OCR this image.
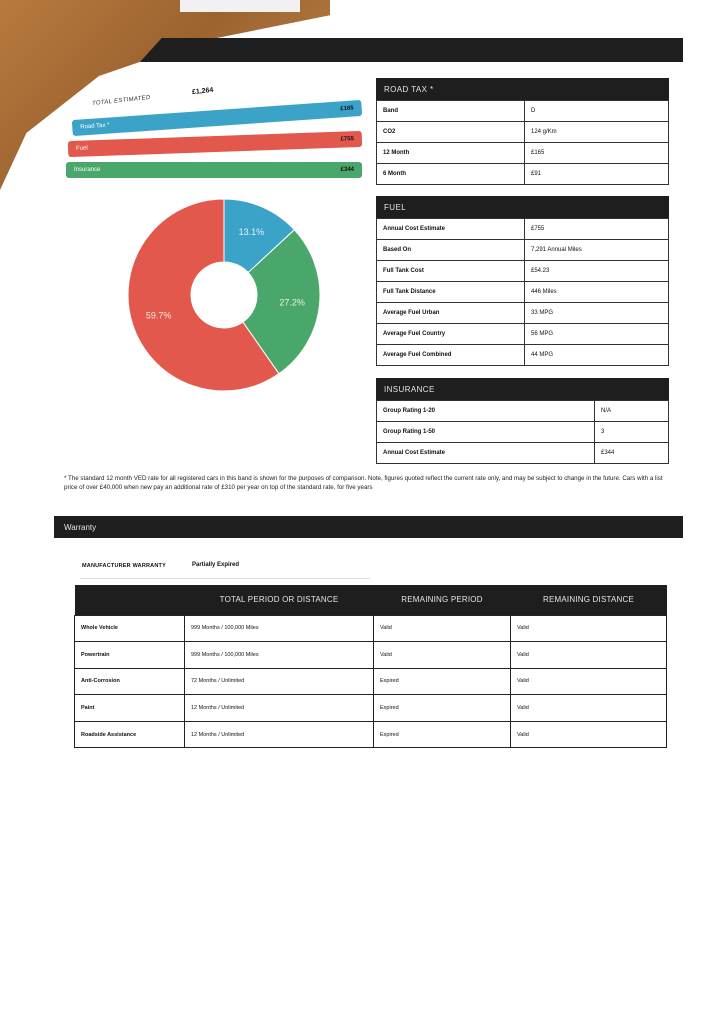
TOTAL ESTIMATED
£1,264
Road Tax *
£165
Fuel
£755
Insurance	£344
13.1%
27.2%
59.7%
ROAD TAX *
Band	D
CO2	124 g/Km
12 Month	£165
6 Month	£91
FUEL
Annual Cost Estimate	£755
Based On	7,291 Annual Miles
Full Tank Cost	£54.23
Full Tank Distance	446 Miles
Average Fuel Urban	33 MPG
Average Fuel Country	56 MPG
Average Fuel Combined	44 MPG
INSURANCE
Group Rating 1-20	N/A
Group Rating 1-50	3
Annual Cost Estimate	£344
* The standard 12 month VED rate for all registered cars in this band is shown for the purposes of comparison. Note, figures quoted reflect the current rate only, and may be subject to change in the future. Cars with a list price of over £40,000 when new pay an additional rate of £310 per year on top of the standard rate, for five years
Warranty
MANUFACTURER WARRANTY	Partially Expired
	TOTAL PERIOD OR DISTANCE	REMAINING PERIOD	REMAINING DISTANCE
Whole Vehicle	999 Months / 100,000 Miles	Valid	Valid
Powertrain	999 Months / 100,000 Miles	Valid	Valid
Anti-Corrosion	72 Months / Unlimited	Expired	Valid
Paint	12 Months / Unlimited	Expired	Valid
Roadside Assistance	12 Months / Unlimited	Expired	Valid
